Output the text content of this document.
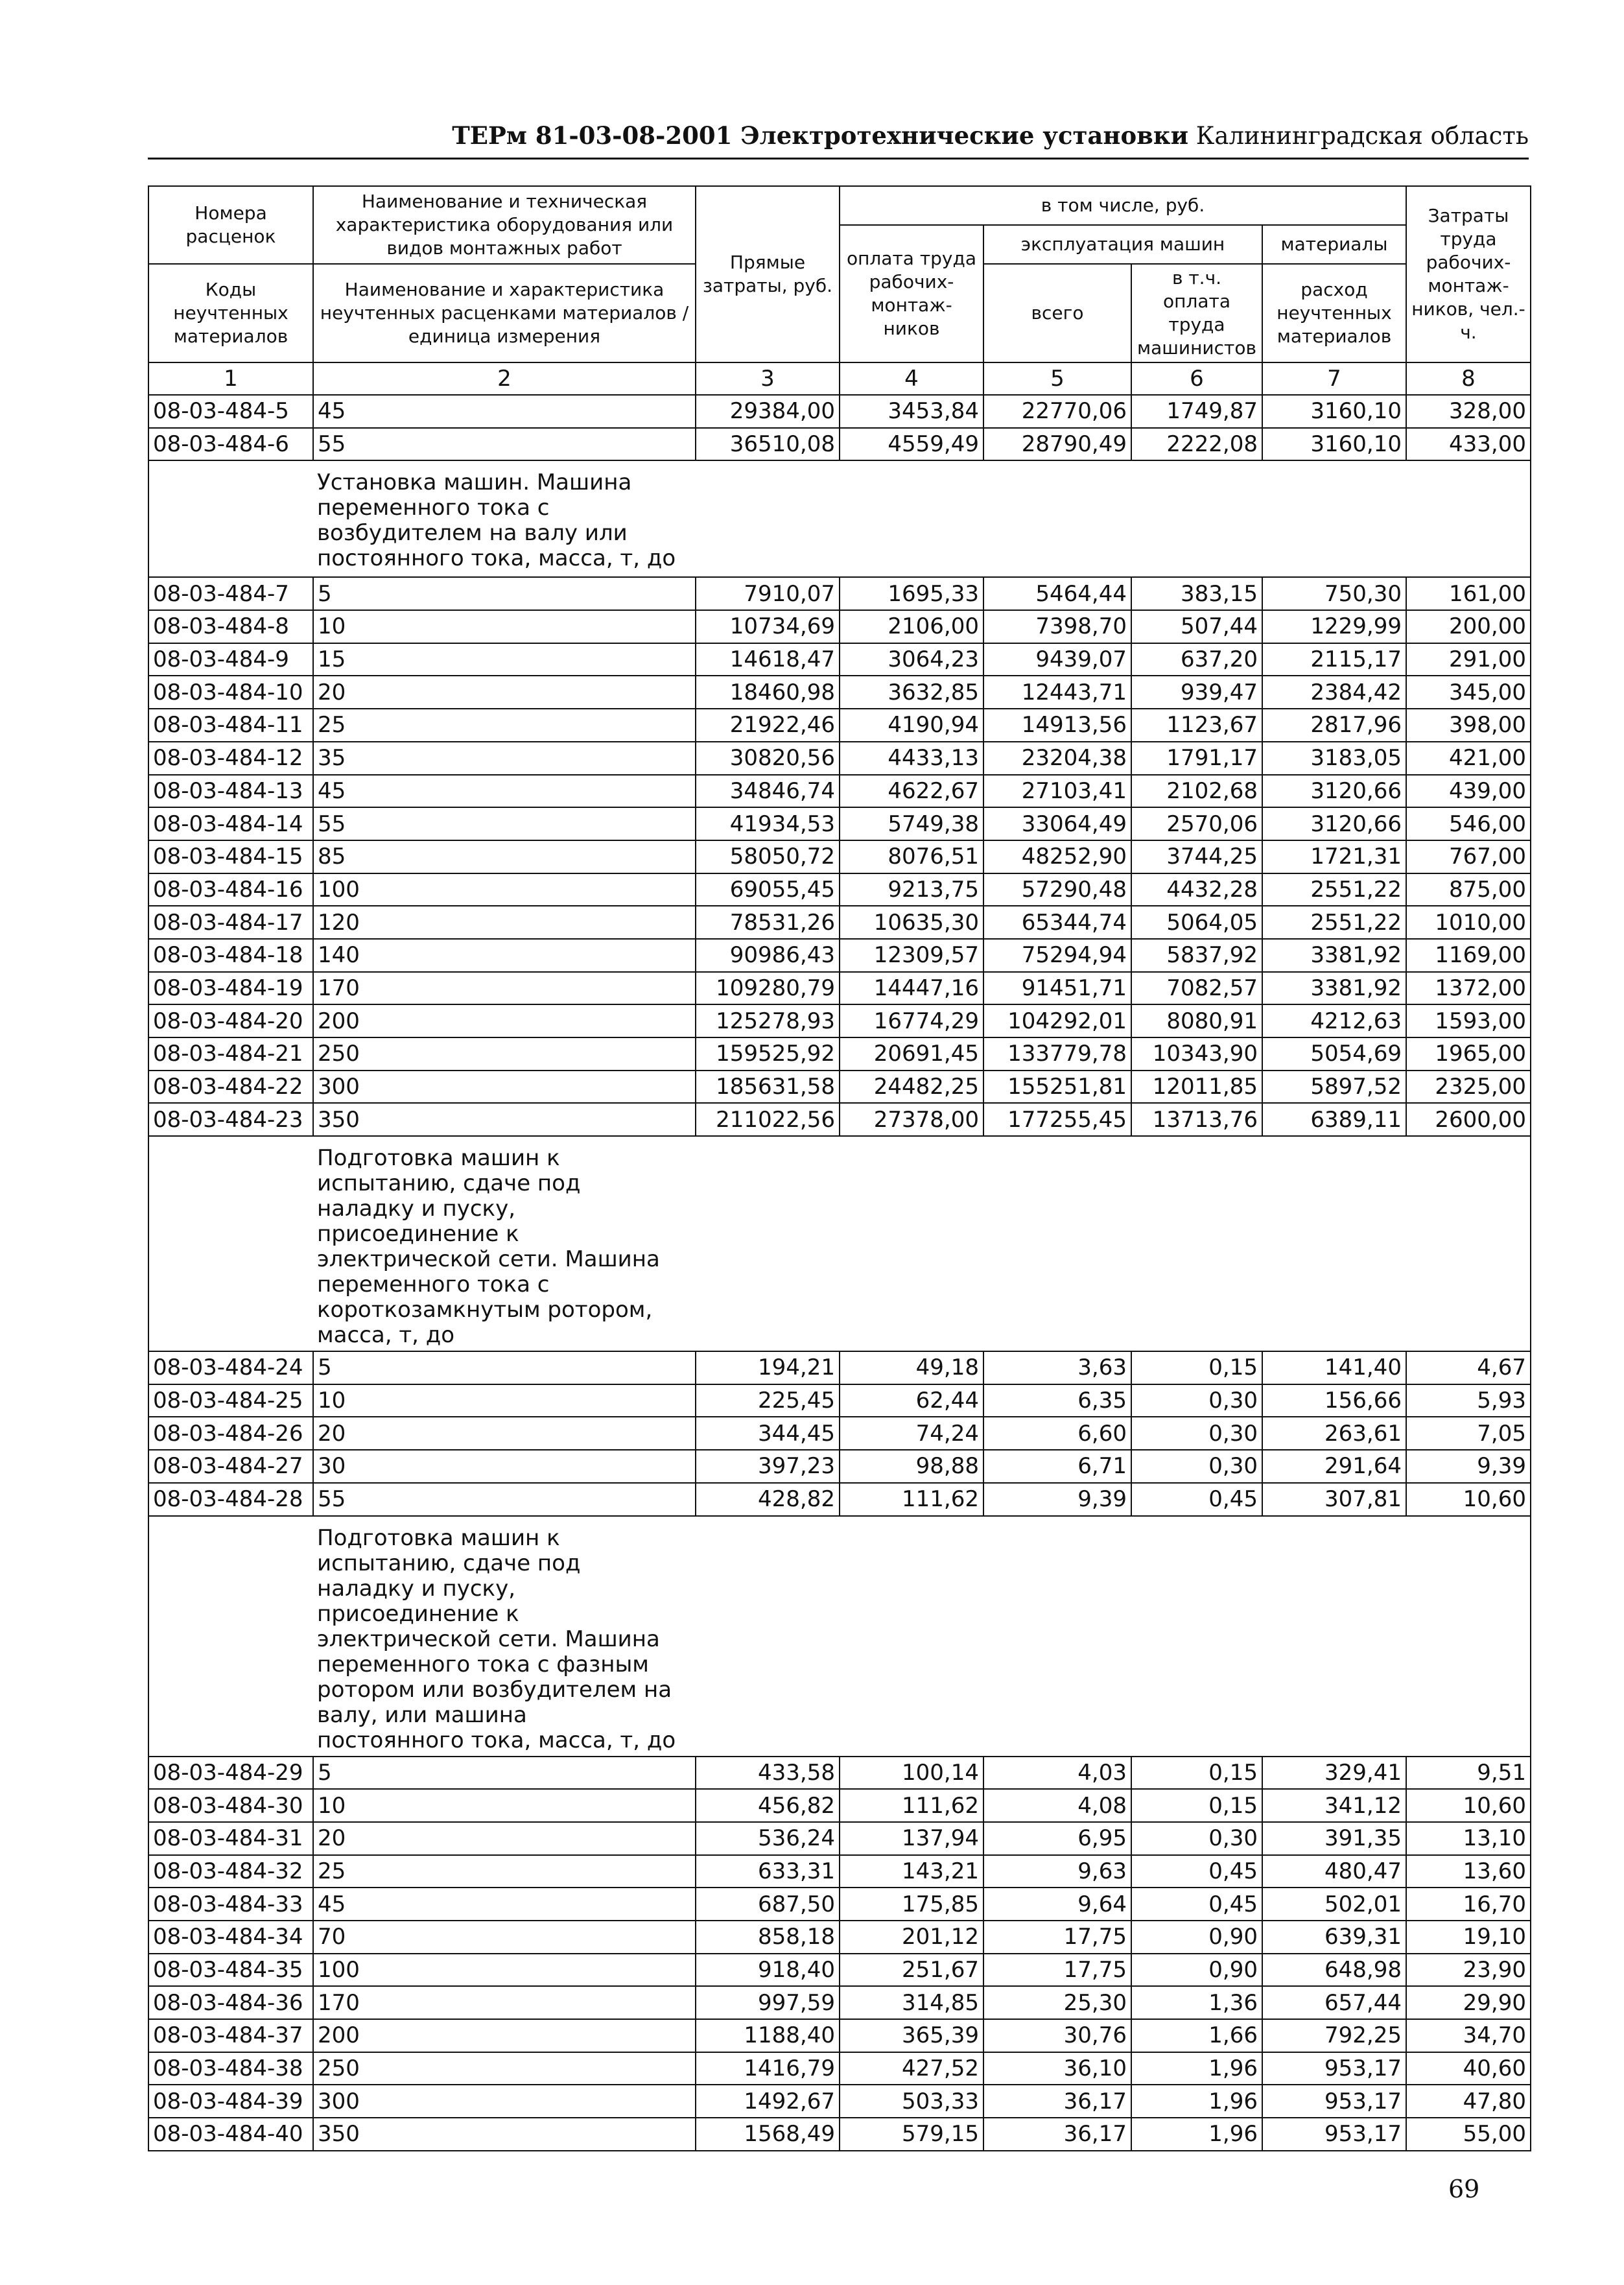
ТЕРм 81-03-08-2001 Электротехнические установки Калининградская область
Номера расценок	Наименование и техническая характеристика оборудования или видов монтажных работ	Прямые затраты, руб.	в том числе, руб.				Затраты труда рабочих-монтаж-ников, чел.-ч.
			оплата труда рабочих-монтаж-ников	эксплуатация машин		материалы	
Коды неучтенных материалов	Наименование и характеристика неучтенных расценками материалов / единица измерения			всего	в т.ч. оплата труда машинистов	расход неучтенных материалов	

1	2	3	4	5	6	7	8
08-03-484-5	45	29384,00	3453,84	22770,06	1749,87	3160,10	328,00
08-03-484-6	55	36510,08	4559,49	28790,49	2222,08	3160,10	433,00

	Установка машин. Машина переменного тока с возбудителем на валу или постоянного тока, масса, т, до						

08-03-484-7	5	7910,07	1695,33	5464,44	383,15	750,30	161,00
08-03-484-8	10	10734,69	2106,00	7398,70	507,44	1229,99	200,00
08-03-484-9	15	14618,47	3064,23	9439,07	637,20	2115,17	291,00
08-03-484-10	20	18460,98	3632,85	12443,71	939,47	2384,42	345,00
08-03-484-11	25	21922,46	4190,94	14913,56	1123,67	2817,96	398,00
08-03-484-12	35	30820,56	4433,13	23204,38	1791,17	3183,05	421,00
08-03-484-13	45	34846,74	4622,67	27103,41	2102,68	3120,66	439,00
08-03-484-14	55	41934,53	5749,38	33064,49	2570,06	3120,66	546,00
08-03-484-15	85	58050,72	8076,51	48252,90	3744,25	1721,31	767,00
08-03-484-16	100	69055,45	9213,75	57290,48	4432,28	2551,22	875,00
08-03-484-17	120	78531,26	10635,30	65344,74	5064,05	2551,22	1010,00
08-03-484-18	140	90986,43	12309,57	75294,94	5837,92	3381,92	1169,00
08-03-484-19	170	109280,79	14447,16	91451,71	7082,57	3381,92	1372,00
08-03-484-20	200	125278,93	16774,29	104292,01	8080,91	4212,63	1593,00
08-03-484-21	250	159525,92	20691,45	133779,78	10343,90	5054,69	1965,00
08-03-484-22	300	185631,58	24482,25	155251,81	12011,85	5897,52	2325,00
08-03-484-23	350	211022,56	27378,00	177255,45	13713,76	6389,11	2600,00

	Подготовка машин к испытанию, сдаче под наладку и пуску, присоединение к электрической сети. Машина переменного тока с короткозамкнутым ротором, масса, т, до						

08-03-484-24	5	194,21	49,18	3,63	0,15	141,40	4,67
08-03-484-25	10	225,45	62,44	6,35	0,30	156,66	5,93
08-03-484-26	20	344,45	74,24	6,60	0,30	263,61	7,05
08-03-484-27	30	397,23	98,88	6,71	0,30	291,64	9,39
08-03-484-28	55	428,82	111,62	9,39	0,45	307,81	10,60

	Подготовка машин к испытанию, сдаче под наладку и пуску, присоединение к электрической сети. Машина переменного тока с фазным ротором или возбудителем на валу, или машина постоянного тока, масса, т, до						

08-03-484-29	5	433,58	100,14	4,03	0,15	329,41	9,51
08-03-484-30	10	456,82	111,62	4,08	0,15	341,12	10,60
08-03-484-31	20	536,24	137,94	6,95	0,30	391,35	13,10
08-03-484-32	25	633,31	143,21	9,63	0,45	480,47	13,60
08-03-484-33	45	687,50	175,85	9,64	0,45	502,01	16,70
08-03-484-34	70	858,18	201,12	17,75	0,90	639,31	19,10
08-03-484-35	100	918,40	251,67	17,75	0,90	648,98	23,90
08-03-484-36	170	997,59	314,85	25,30	1,36	657,44	29,90
08-03-484-37	200	1188,40	365,39	30,76	1,66	792,25	34,70
08-03-484-38	250	1416,79	427,52	36,10	1,96	953,17	40,60
08-03-484-39	300	1492,67	503,33	36,17	1,96	953,17	47,80
08-03-484-40	350	1568,49	579,15	36,17	1,96	953,17	55,00
69
